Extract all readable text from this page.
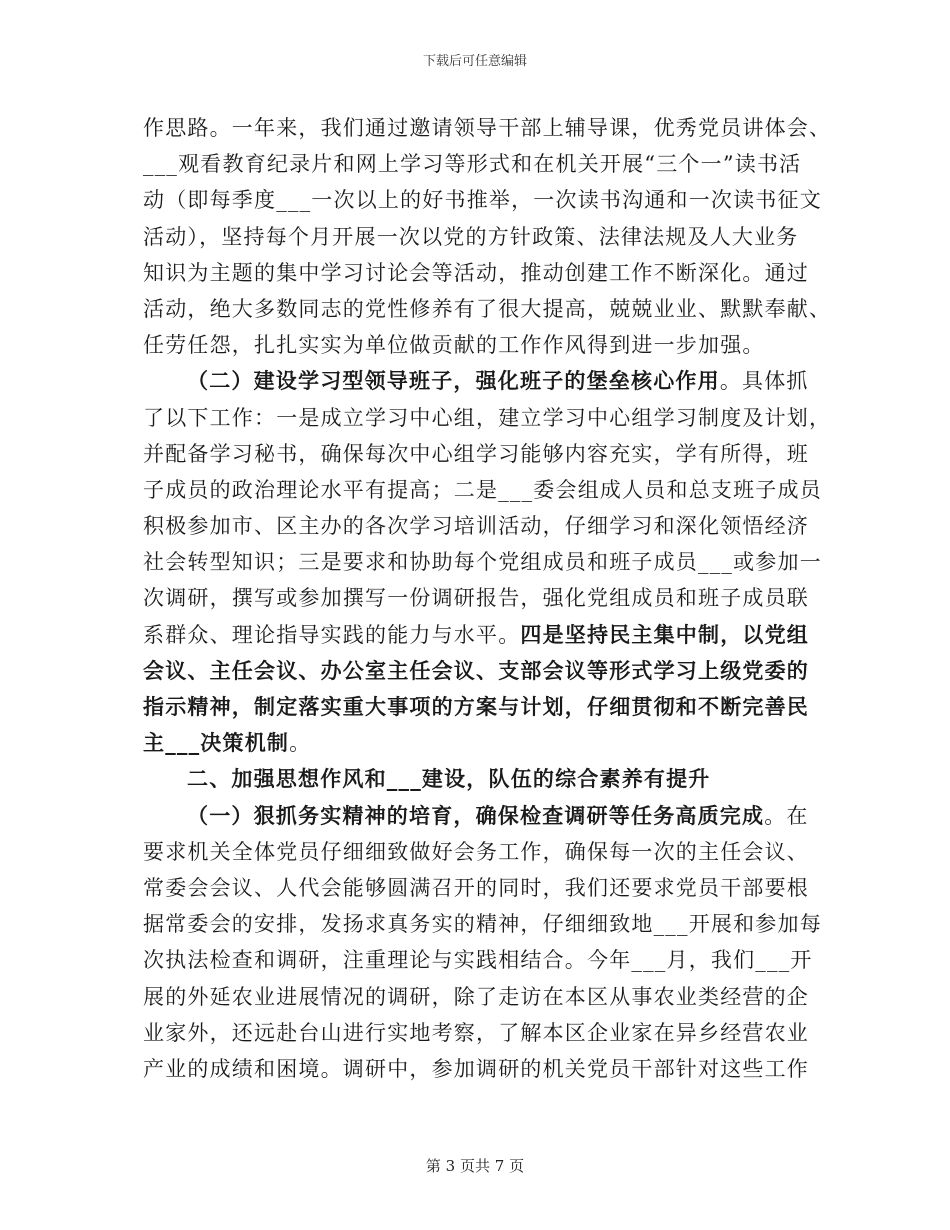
下载后可任意编辑
作思路。一年来，我们通过邀请领导干部上辅导课，优秀党员讲体会、
___观看教育纪录片和网上学习等形式和在机关开展“三个一”读书活
动（即每季度___一次以上的好书推举，一次读书沟通和一次读书征文
活动），坚持每个月开展一次以党的方针政策、法律法规及人大业务
知识为主题的集中学习讨论会等活动，推动创建工作不断深化。通过
活动，绝大多数同志的党性修养有了很大提高，兢兢业业、默默奉献、
任劳任怨，扎扎实实为单位做贡献的工作作风得到进一步加强。
（二）建设学习型领导班子，强化班子的堡垒核心作用。具体抓
了以下工作：一是成立学习中心组，建立学习中心组学习制度及计划，
并配备学习秘书，确保每次中心组学习能够内容充实，学有所得，班
子成员的政治理论水平有提高；二是___委会组成人员和总支班子成员
积极参加市、区主办的各次学习培训活动，仔细学习和深化领悟经济
社会转型知识；三是要求和协助每个党组成员和班子成员___或参加一
次调研，撰写或参加撰写一份调研报告，强化党组成员和班子成员联
系群众、理论指导实践的能力与水平。四是坚持民主集中制，以党组
会议、主任会议、办公室主任会议、支部会议等形式学习上级党委的
指示精神，制定落实重大事项的方案与计划，仔细贯彻和不断完善民
主___决策机制。
二、加强思想作风和___建设，队伍的综合素养有提升
（一）狠抓务实精神的培育，确保检查调研等任务高质完成。在
要求机关全体党员仔细细致做好会务工作，确保每一次的主任会议、
常委会会议、人代会能够圆满召开的同时，我们还要求党员干部要根
据常委会的安排，发扬求真务实的精神，仔细细致地___开展和参加每
次执法检查和调研，注重理论与实践相结合。今年___月，我们___开
展的外延农业进展情况的调研，除了走访在本区从事农业类经营的企
业家外，还远赴台山进行实地考察，了解本区企业家在异乡经营农业
产业的成绩和困境。调研中，参加调研的机关党员干部针对这些工作
第 3 页共 7 页
